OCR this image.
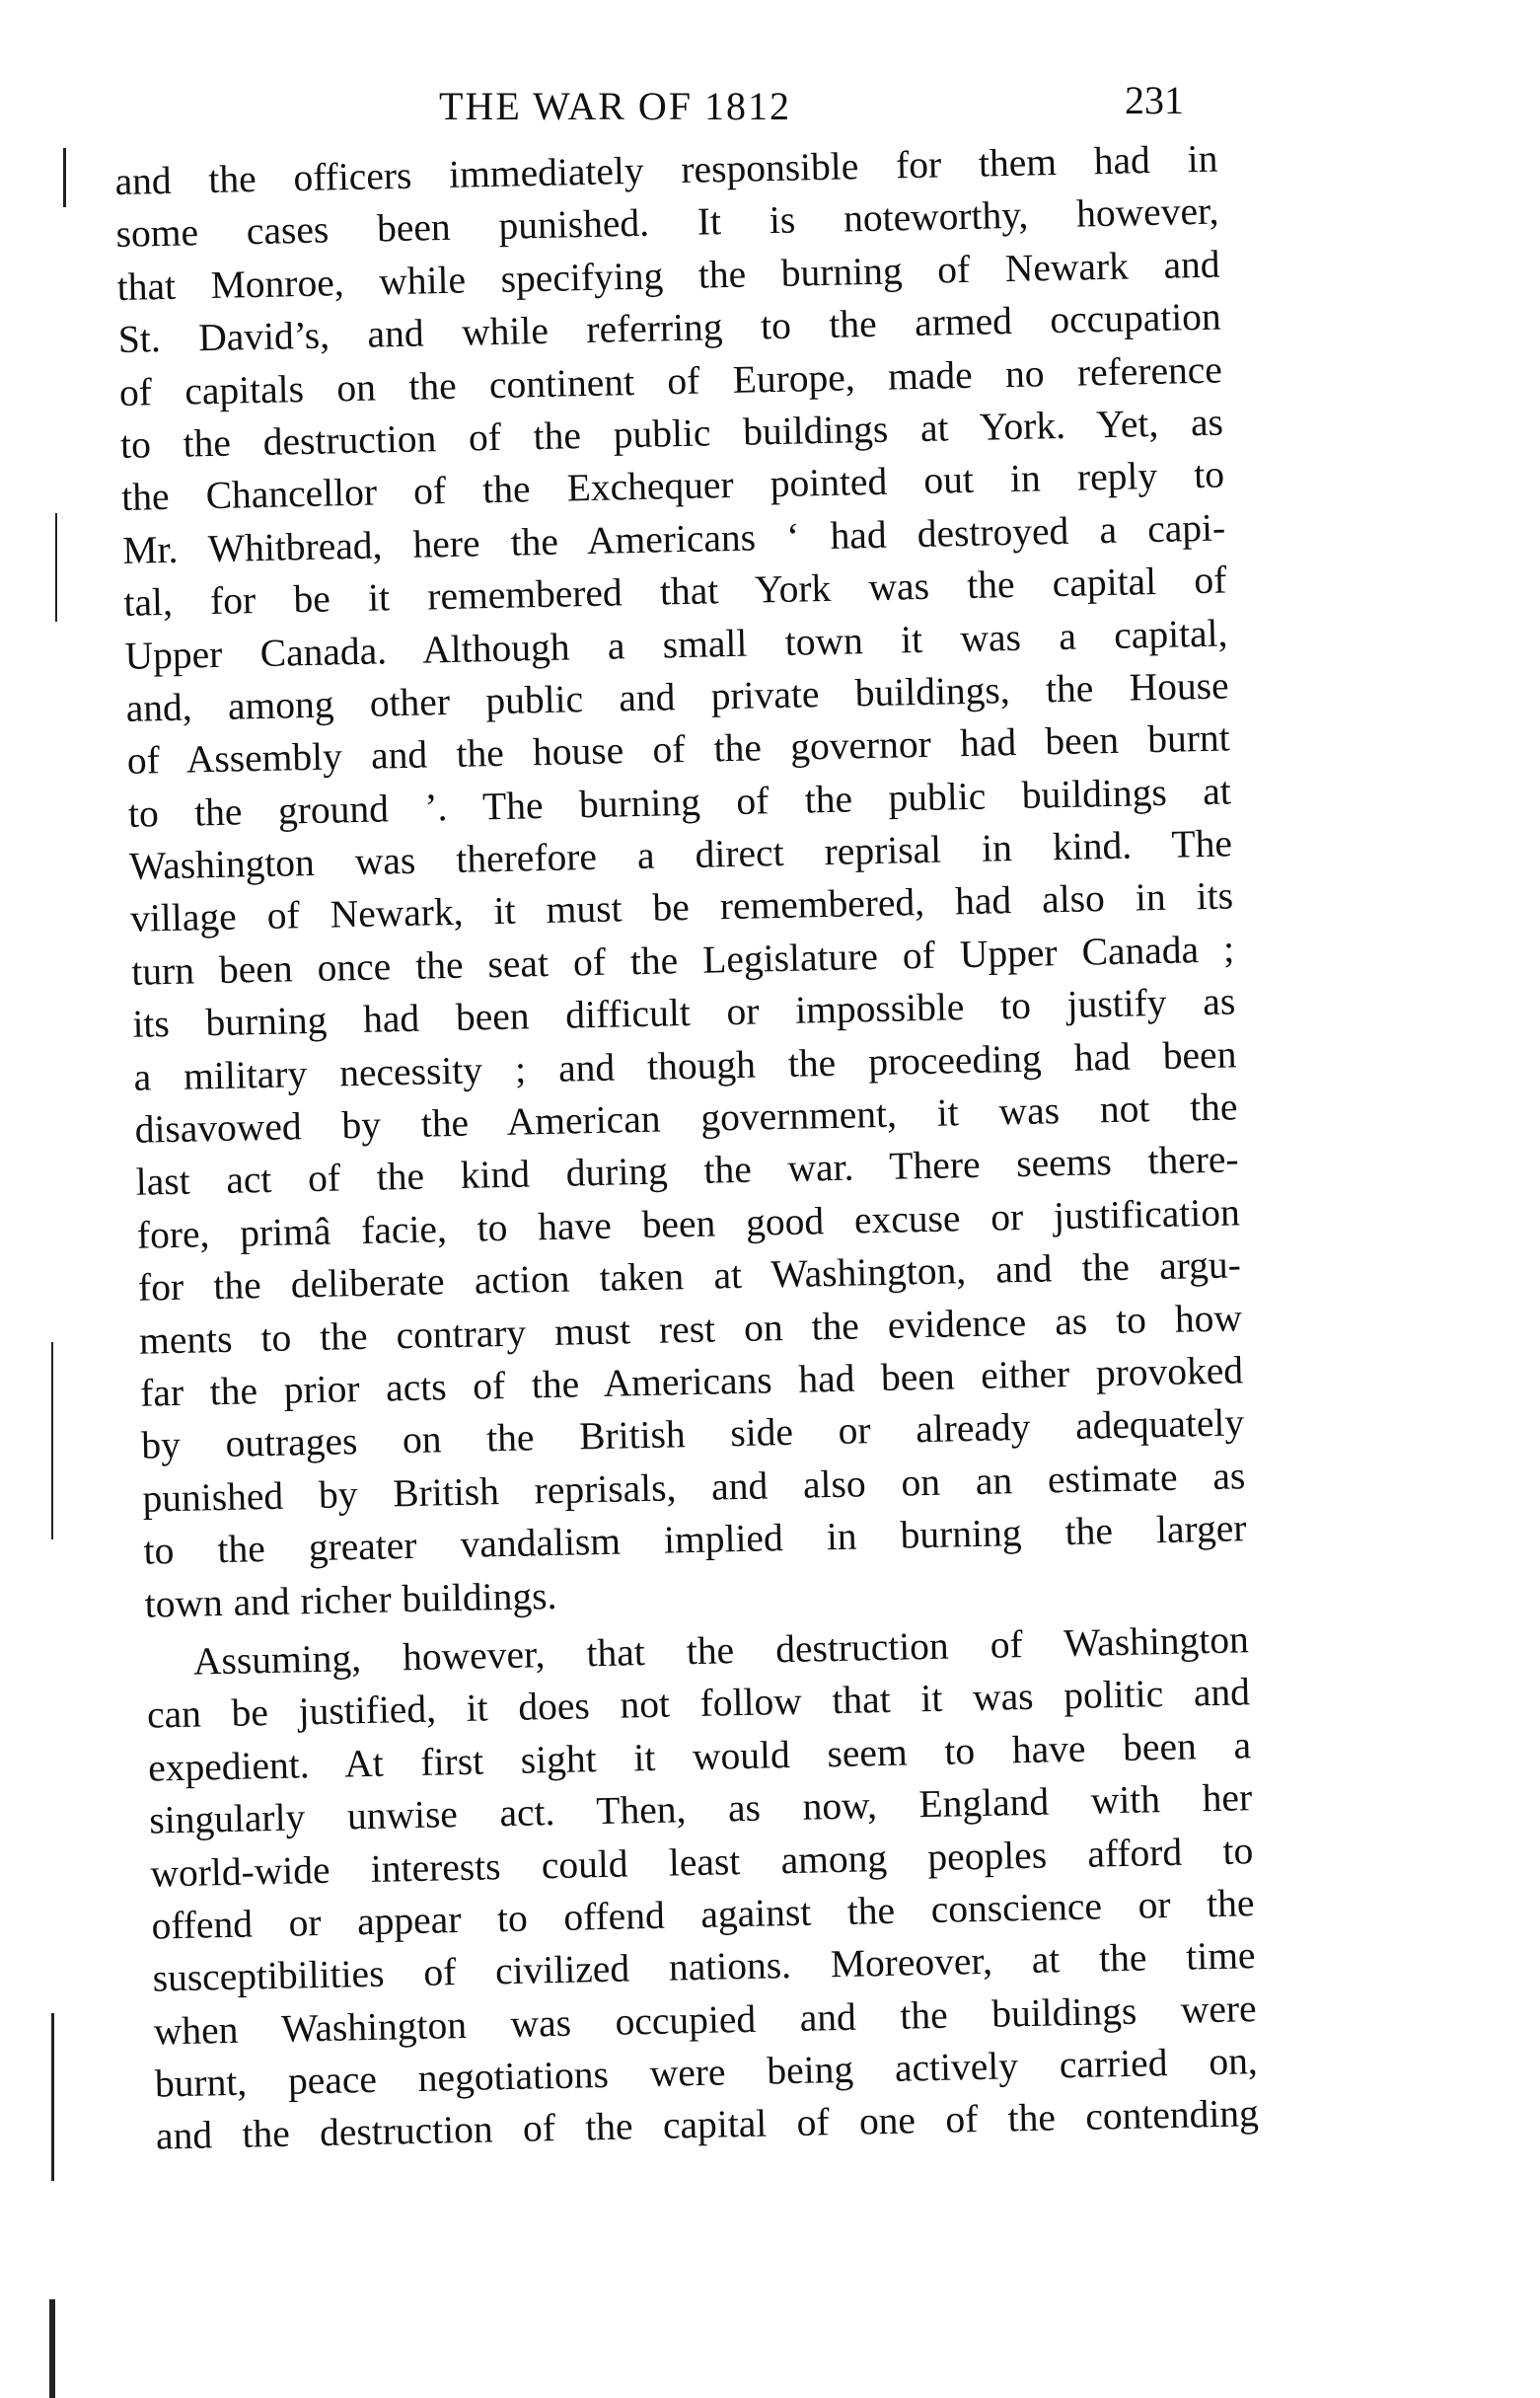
THE WAR OF 1812	231
and the officers immediately responsible for them had in
some cases been punished. It is noteworthy, however,
that Monroe, while specifying the burning of Newark and
St. David’s, and while referring to the armed occupation
of capitals on the continent of Europe, made no reference
to the destruction of the public buildings at York. Yet, as
the Chancellor of the Exchequer pointed out in reply to
Mr. Whitbread, here the Americans ‘ had destroyed a capi-
tal, for be it remembered that York was the capital of
Upper Canada. Although a small town it was a capital,
and, among other public and private buildings, the House
of Assembly and the house of the governor had been burnt
to the ground ’. The burning of the public buildings at
Washington was therefore a direct reprisal in kind. The
village of Newark, it must be remembered, had also in its
turn been once the seat of the Legislature of Upper Canada ;
its burning had been difficult or impossible to justify as
a military necessity ; and though the proceeding had been
disavowed by the American government, it was not the
last act of the kind during the war. There seems there-
fore, primâ facie, to have been good excuse or justification
for the deliberate action taken at Washington, and the argu-
ments to the contrary must rest on the evidence as to how
far the prior acts of the Americans had been either provoked
by outrages on the British side or already adequately
punished by British reprisals, and also on an estimate as
to the greater vandalism implied in burning the larger
town and richer buildings.
Assuming, however, that the destruction of Washington
can be justified, it does not follow that it was politic and
expedient. At first sight it would seem to have been a
singularly unwise act. Then, as now, England with her
world-wide interests could least among peoples afford to
offend or appear to offend against the conscience or the
susceptibilities of civilized nations. Moreover, at the time
when Washington was occupied and the buildings were
burnt, peace negotiations were being actively carried on,
and the destruction of the capital of one of the contending
